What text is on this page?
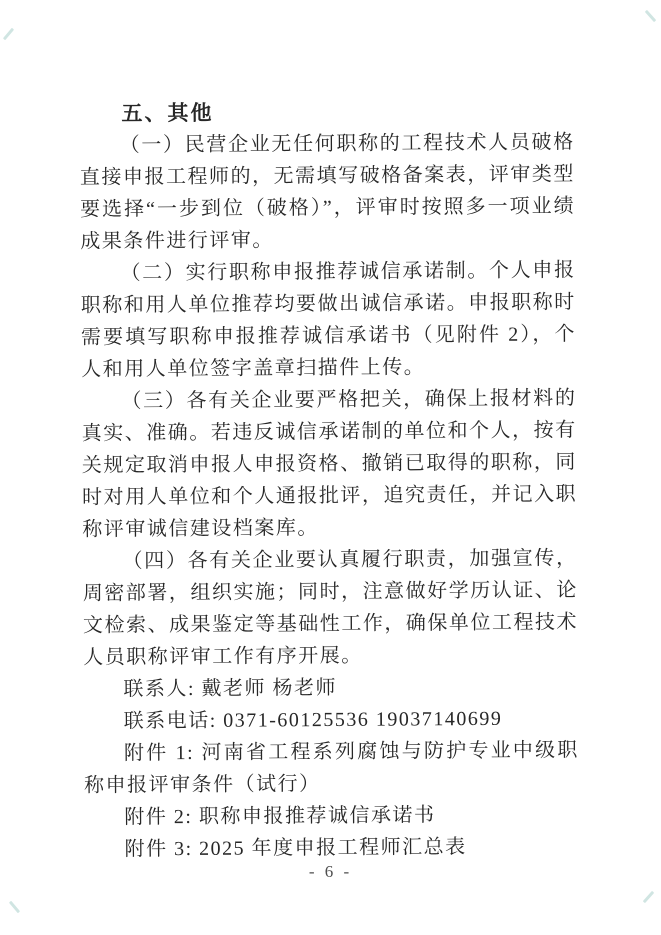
五、其他

（一）民营企业无任何职称的工程技术人员破格直接申报工程师的，无需填写破格备案表，评审类型要选择“一步到位（破格）”，评审时按照多一项业绩成果条件进行评审。

（二）实行职称申报推荐诚信承诺制。个人申报职称和用人单位推荐均要做出诚信承诺。申报职称时需要填写职称申报推荐诚信承诺书（见附件 2），个人和用人单位签字盖章扫描件上传。

（三）各有关企业要严格把关，确保上报材料的真实、准确。若违反诚信承诺制的单位和个人，按有关规定取消申报人申报资格、撤销已取得的职称，同时对用人单位和个人通报批评，追究责任，并记入职称评审诚信建设档案库。

（四）各有关企业要认真履行职责，加强宣传，周密部署，组织实施；同时，注意做好学历认证、论文检索、成果鉴定等基础性工作，确保单位工程技术人员职称评审工作有序开展。

联系人: 戴老师 杨老师

联系电话: 0371-60125536 19037140699

附件 1: 河南省工程系列腐蚀与防护专业中级职称申报评审条件（试行）

附件 2: 职称申报推荐诚信承诺书

附件 3: 2025 年度申报工程师汇总表

- 6 -
